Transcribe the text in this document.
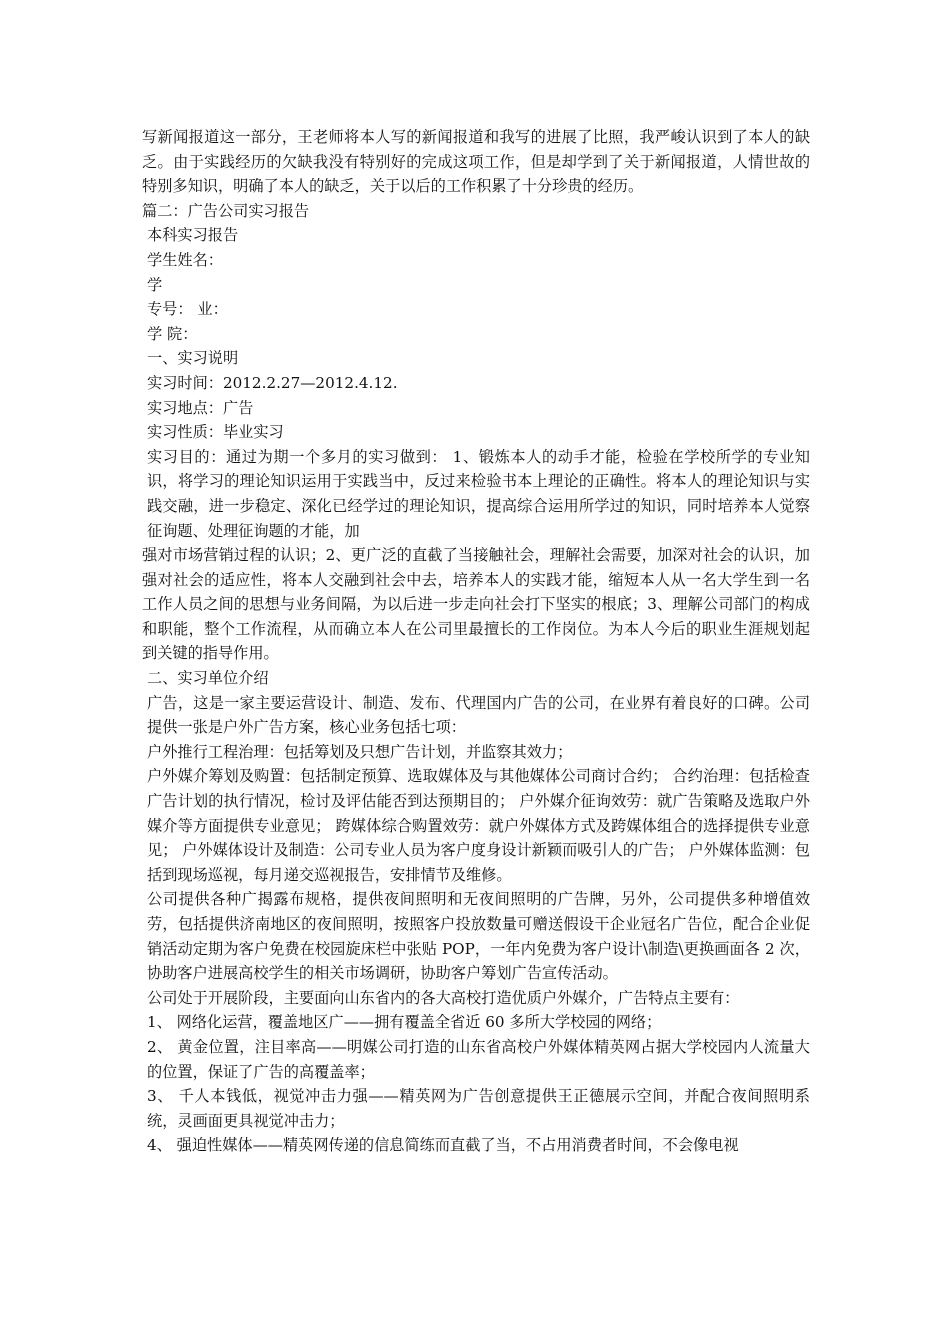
写新闻报道这一部分，王老师将本人写的新闻报道和我写的进展了比照，我严峻认识到了本人的缺乏。由于实践经历的欠缺我没有特别好的完成这项工作，但是却学到了关于新闻报道，人情世故的特别多知识，明确了本人的缺乏，关于以后的工作积累了十分珍贵的经历。

篇二：广告公司实习报告

本科实习报告

学生姓名：

学

专号： 业：

学 院：

一、实习说明

实习时间：2012.2.27—2012.4.12.

实习地点：广告

实习性质：毕业实习

实习目的：通过为期一个多月的实习做到： 1、锻炼本人的动手才能，检验在学校所学的专业知识，将学习的理论知识运用于实践当中，反过来检验书本上理论的正确性。将本人的理论知识与实践交融，进一步稳定、深化已经学过的理论知识，提高综合运用所学过的知识，同时培养本人觉察征询题、处理征询题的才能，加

强对市场营销过程的认识；2、更广泛的直截了当接触社会，理解社会需要，加深对社会的认识，加强对社会的适应性，将本人交融到社会中去，培养本人的实践才能，缩短本人从一名大学生到一名工作人员之间的思想与业务间隔，为以后进一步走向社会打下坚实的根底；3、理解公司部门的构成和职能，整个工作流程，从而确立本人在公司里最擅长的工作岗位。为本人今后的职业生涯规划起到关键的指导作用。

二、实习单位介绍

广告，这是一家主要运营设计、制造、发布、代理国内广告的公司，在业界有着良好的口碑。公司提供一张是户外广告方案，核心业务包括七项：

户外推行工程治理：包括筹划及只想广告计划，并监察其效力；

户外媒介筹划及购置：包括制定预算、选取媒体及与其他媒体公司商讨合约； 合约治理：包括检查广告计划的执行情况，检讨及评估能否到达预期目的； 户外媒介征询效劳：就广告策略及选取户外媒介等方面提供专业意见； 跨媒体综合购置效劳：就户外媒体方式及跨媒体组合的选择提供专业意见； 户外媒体设计及制造：公司专业人员为客户度身设计新颖而吸引人的广告； 户外媒体监测：包括到现场巡视，每月递交巡视报告，安排情节及维修。

公司提供各种广揭露布规格，提供夜间照明和无夜间照明的广告牌，另外，公司提供多种增值效劳，包括提供济南地区的夜间照明，按照客户投放数量可赠送假设干企业冠名广告位，配合企业促销活动定期为客户免费在校园旋床栏中张贴 POP，一年内免费为客户设计\制造\更换画面各 2 次，协助客户进展高校学生的相关市场调研，协助客户筹划广告宣传活动。

公司处于开展阶段，主要面向山东省内的各大高校打造优质户外媒介，广告特点主要有：

1、 网络化运营，覆盖地区广——拥有覆盖全省近 60 多所大学校园的网络；

2、 黄金位置，注目率高——明媒公司打造的山东省高校户外媒体精英网占据大学校园内人流量大的位置，保证了广告的高覆盖率；

3、 千人本钱低，视觉冲击力强——精英网为广告创意提供王正德展示空间，并配合夜间照明系统，灵画面更具视觉冲击力；

4、 强迫性媒体——精英网传递的信息简练而直截了当，不占用消费者时间，不会像电视
